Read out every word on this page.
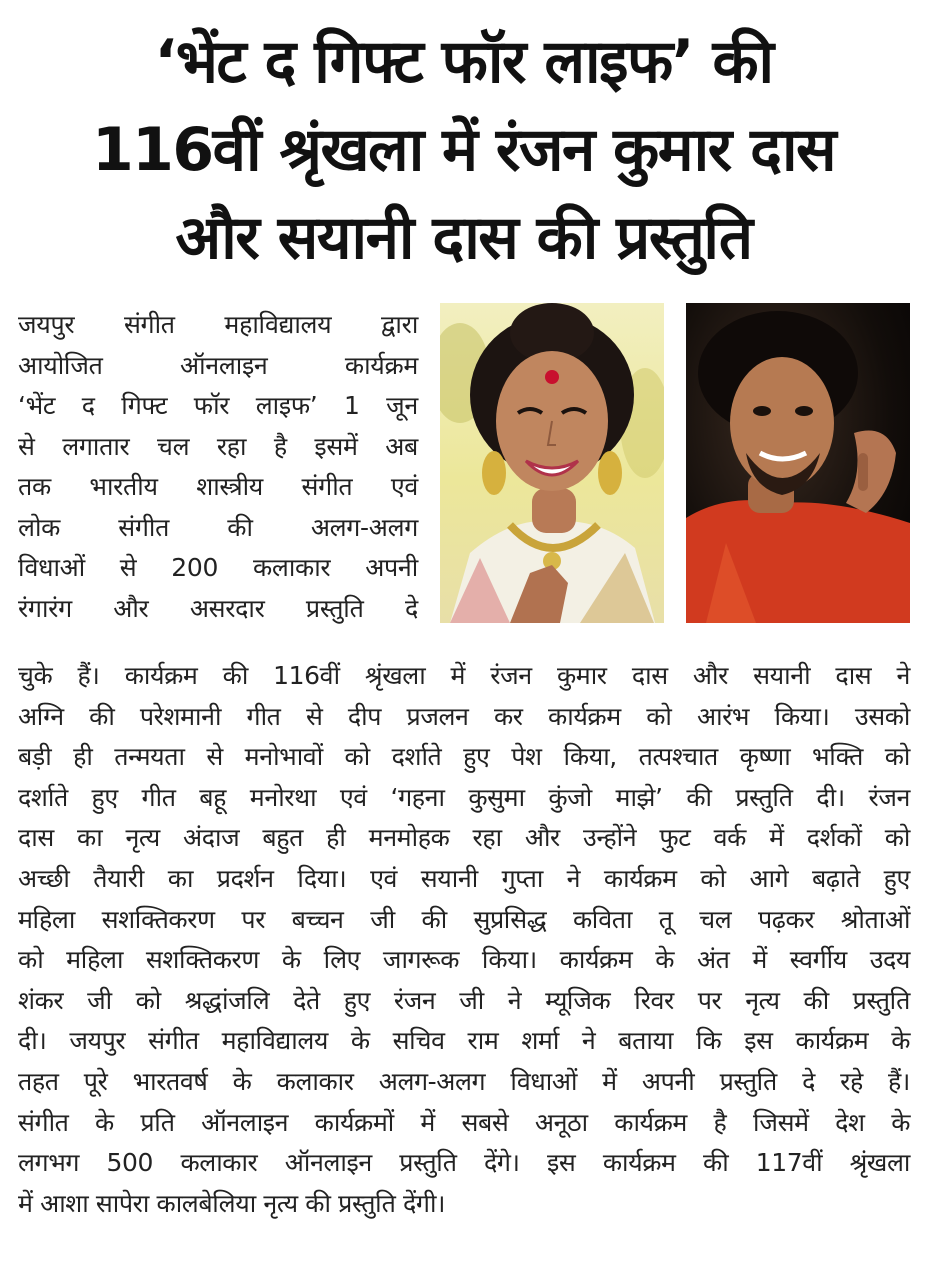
‘भेंट द गिफ्ट फॉर लाइफ’ की
116वीं श्रृंखला में रंजन कुमार दास
और सयानी दास की प्रस्तुति
जयपुर संगीत महाविद्यालय द्वारा
आयोजित ऑनलाइन कार्यक्रम
‘भेंट द गिफ्ट फॉर लाइफ’ 1 जून
से लगातार चल रहा है इसमें अब
तक भारतीय शास्त्रीय संगीत एवं
लोक संगीत की अलग-अलग
विधाओं से 200 कलाकार अपनी
रंगारंग और असरदार प्रस्तुति दे
चुके हैं। कार्यक्रम की 116वीं श्रृंखला में रंजन कुमार दास और सयानी दास ने
अग्नि की परेशमानी गीत से दीप प्रजलन कर कार्यक्रम को आरंभ किया। उसको
बड़ी ही तन्मयता से मनोभावों को दर्शाते हुए पेश किया, तत्पश्चात कृष्णा भक्ति को
दर्शाते हुए गीत बहू मनोरथा एवं ‘गहना कुसुमा कुंजो माझे’ की प्रस्तुति दी। रंजन
दास का नृत्य अंदाज बहुत ही मनमोहक रहा और उन्होंने फुट वर्क में दर्शकों को
अच्छी तैयारी का प्रदर्शन दिया। एवं सयानी गुप्ता ने कार्यक्रम को आगे बढ़ाते हुए
महिला सशक्तिकरण पर बच्चन जी की सुप्रसिद्ध कविता तू चल पढ़कर श्रोताओं
को महिला सशक्तिकरण के लिए जागरूक किया। कार्यक्रम के अंत में स्वर्गीय उदय
शंकर जी को श्रद्धांजलि देते हुए रंजन जी ने म्यूजिक रिवर पर नृत्य की प्रस्तुति
दी। जयपुर संगीत महाविद्यालय के सचिव राम शर्मा ने बताया कि इस कार्यक्रम के
तहत पूरे भारतवर्ष के कलाकार अलग-अलग विधाओं में अपनी प्रस्तुति दे रहे हैं।
संगीत के प्रति ऑनलाइन कार्यक्रमों में सबसे अनूठा कार्यक्रम है जिसमें देश के
लगभग 500 कलाकार ऑनलाइन प्रस्तुति देंगे। इस कार्यक्रम की 117वीं श्रृंखला
में आशा सापेरा कालबेलिया नृत्य की प्रस्तुति देंगी।
